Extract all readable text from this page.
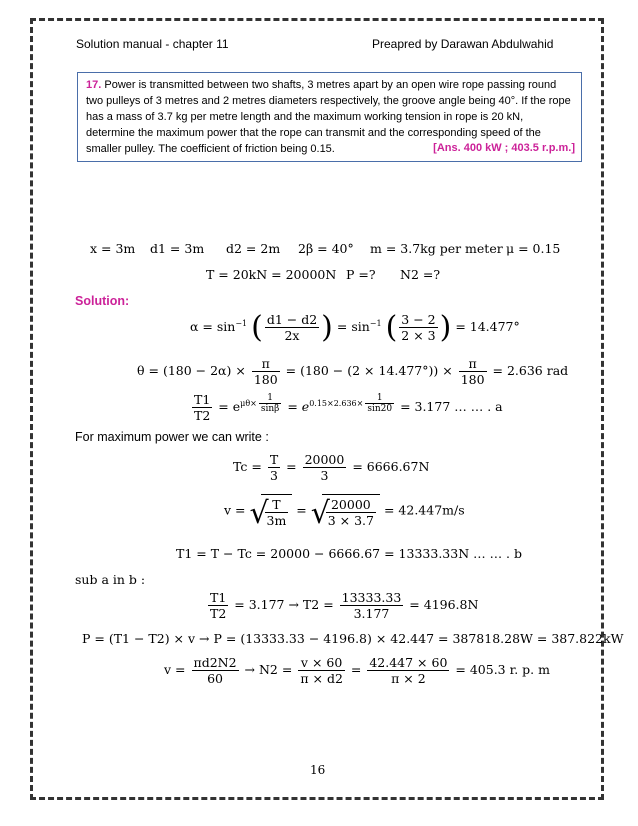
Solution manual - chapter 11	Preapred by Darawan Abdulwahid
17. Power is transmitted between two shafts, 3 metres apart by an open wire rope passing round two pulleys of 3 metres and 2 metres diameters respectively, the groove angle being 40°. If the rope has a mass of 3.7 kg per metre length and the maximum working tension in rope is 20 kN, determine the maximum power that the rope can transmit and the corresponding speed of the smaller pulley. The coefficient of friction being 0.15.	[Ans. 400 kW ; 403.5 r.p.m.]
x = 3m d1 = 3m d2 = 2m 2β = 40° m = 3.7kg per meter μ = 0.15
T = 20kN = 20000N P =? N2 =?
Solution:
$\alpha = \sin^{-1}$ ( $\frac{d1 - d2}{2x}$ ) = $\sin^{-1}$ ( $\frac{3 - 2}{2 \times 3}$ ) = 14.477°
$\theta = (180 - 2\alpha) \times \frac{\pi}{180} = (180 - (2 \times 14.477^\circ)) \times \frac{\pi}{180} = 2.636$ rad
$\frac{T1}{T2} = e^{\mu\theta\times \frac{1}{\sin\beta}} = e^{0.15\times 2.636\times \frac{1}{\sin 20}} = 3.177$ … … . a
For maximum power we can write :
$Tc = \frac{T}{3} = \frac{20000}{3} = 6666.67N$
v = √
$\frac{T}{3m}$ = √
$\frac{20000}{3 \times 3.7} = 42.447m/s$
T1 = T − Tc = 20000 − 6666.67 = 13333.33N … … . b
sub a in b :
$\frac{T1}{T2} = 3.177 \to T2 = \frac{13333.33}{3.177} = 4196.8N$
P = (T1 − T2) × v → P = (13333.33 − 4196.8) × 42.447 = 387818.28W = 387.822kW
$v = \frac{\pi d2N2}{60} \to N2 = \frac{v \times 60}{\pi \times d2} = \frac{42.447 \times 60}{\pi \times 2} = 405.3$ r. p. m
16
